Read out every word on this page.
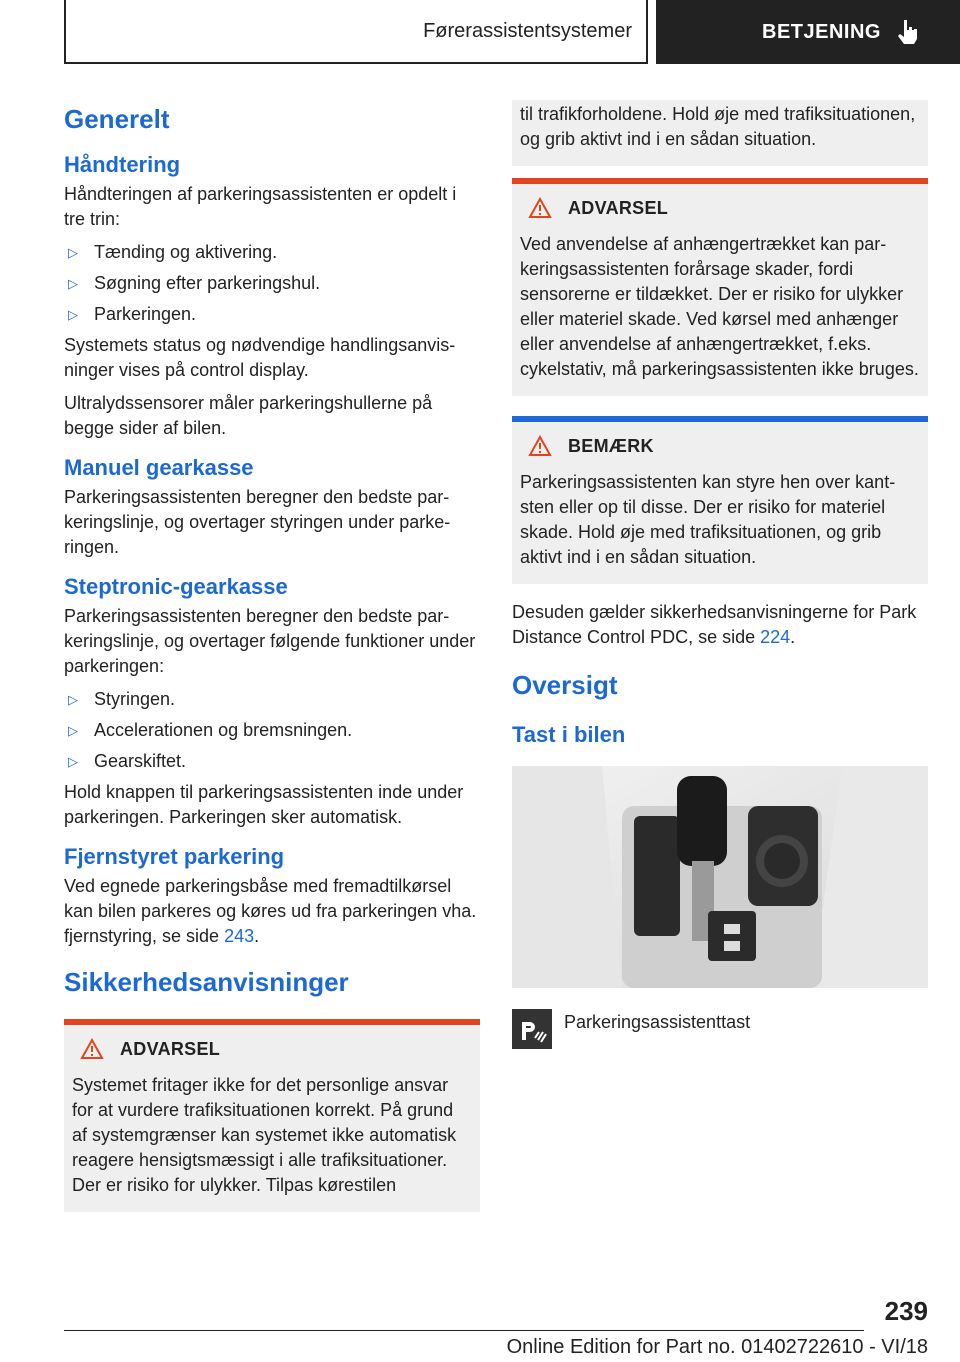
Førerassistentsystemer	BETJENING
Generelt
Håndtering

Håndteringen af parkeringsassistenten er opdelt i tre trin:

▷ Tænding og aktivering.
▷ Søgning efter parkeringshul.
▷ Parkeringen.

Systemets status og nødvendige handlingsanvisninger vises på control display.

Ultralydssensorer måler parkeringshullerne på begge sider af bilen.

Manuel gearkasse

Parkeringsassistenten beregner den bedste parkeringslinje, og overtager styringen under parkeringen.

Steptronic-gearkasse

Parkeringsassistenten beregner den bedste parkeringslinje, og overtager følgende funktioner under parkeringen:

▷ Styringen.
▷ Accelerationen og bremsningen.
▷ Gearskiftet.

Hold knappen til parkeringsassistenten inde under parkeringen. Parkeringen sker automatisk.

Fjernstyret parkering

Ved egnede parkeringsbåse med fremadtilkørsel kan bilen parkeres og køres ud fra parkeringen vha. fjernstyring, se side 243.

Sikkerhedsanvisninger
ADVARSEL

Systemet fritager ikke for det personlige ansvar for at vurdere trafiksituationen korrekt. På grund af systemgrænser kan systemet ikke automatisk reagere hensigtsmæssigt i alle trafiksituationer. Der er risiko for ulykker. Tilpas kørestilen

til trafikforholdene. Hold øje med trafiksituationen, og grib aktivt ind i en sådan situation.

ADVARSEL

Ved anvendelse af anhængertrækket kan parkeringsassistenten forårsage skader, fordi sensorerne er tildækket. Der er risiko for ulykker eller materiel skade. Ved kørsel med anhænger eller anvendelse af anhængertrækket, f.eks. cykelstativ, må parkeringsassistenten ikke bruges.

BEMÆRK

Parkeringsassistenten kan styre hen over kantsten eller op til disse. Der er risiko for materiel skade. Hold øje med trafiksituationen, og grib aktivt ind i en sådan situation.

Desuden gælder sikkerhedsanvisningerne for Park Distance Control PDC, se side 224.

Oversigt
Tast i bilen
Parkeringsassistenttast
239
Online Edition for Part no. 01402722610 - VI/18
